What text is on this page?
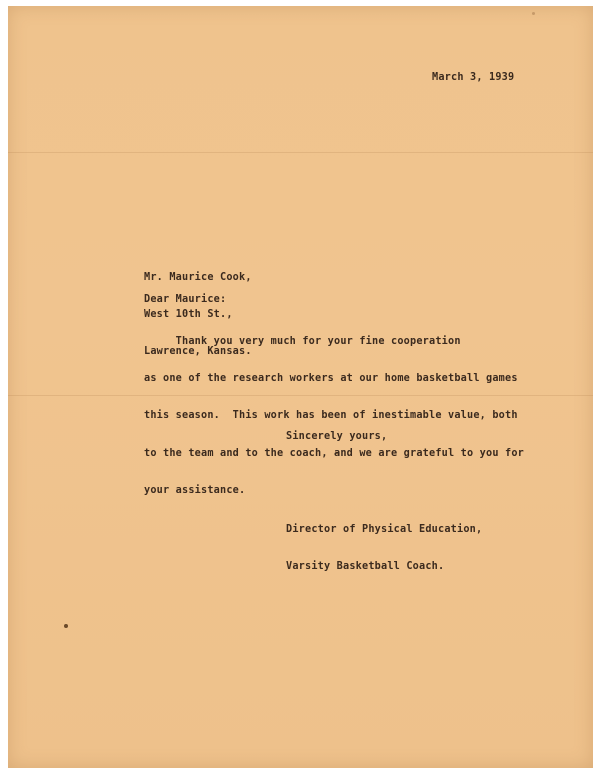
March 3, 1939

Mr. Maurice Cook,

West 10th St.,

Lawrence, Kansas.

Dear Maurice:

Thank you very much for your fine cooperation

as one of the research workers at our home basketball games

this season.  This work has been of inestimable value, both

to the team and to the coach, and we are grateful to you for

your assistance.

Sincerely yours,

Director of Physical Education,

Varsity Basketball Coach.
